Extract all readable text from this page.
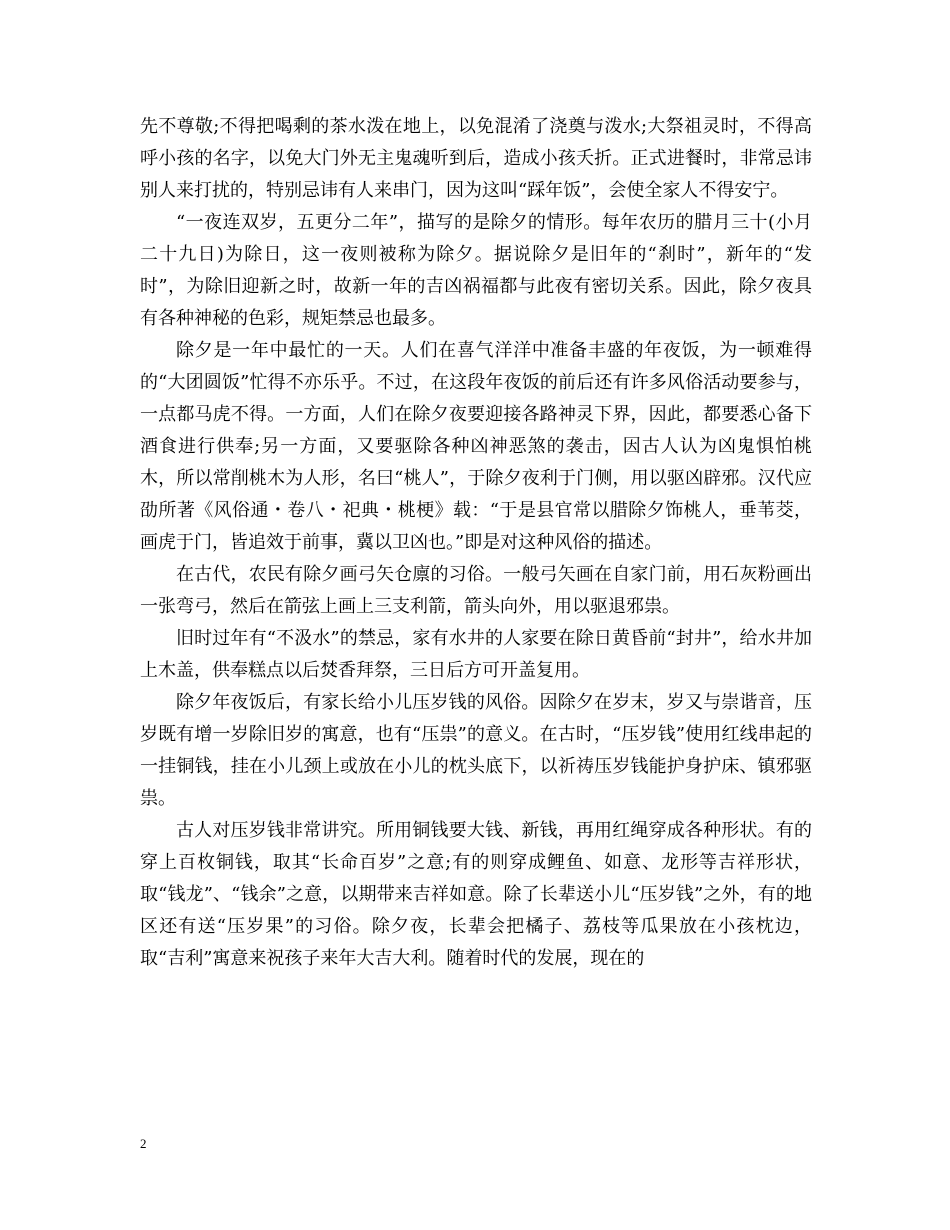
先不尊敬;不得把喝剩的茶水泼在地上，以免混淆了浇奠与泼水;大祭祖灵时，不得高呼小孩的名字，以免大门外无主鬼魂听到后，造成小孩夭折。正式进餐时，非常忌讳别人来打扰的，特别忌讳有人来串门，因为这叫“踩年饭”，会使全家人不得安宁。

“一夜连双岁，五更分二年”，描写的是除夕的情形。每年农历的腊月三十(小月二十九日)为除日，这一夜则被称为除夕。据说除夕是旧年的“刹时”，新年的“发时”，为除旧迎新之时，故新一年的吉凶祸福都与此夜有密切关系。因此，除夕夜具有各种神秘的色彩，规矩禁忌也最多。

除夕是一年中最忙的一天。人们在喜气洋洋中准备丰盛的年夜饭，为一顿难得的“大团圆饭”忙得不亦乐乎。不过，在这段年夜饭的前后还有许多风俗活动要参与，一点都马虎不得。一方面，人们在除夕夜要迎接各路神灵下界，因此，都要悉心备下酒食进行供奉;另一方面，又要驱除各种凶神恶煞的袭击，因古人认为凶鬼惧怕桃木，所以常削桃木为人形，名曰“桃人”，于除夕夜利于门侧，用以驱凶辟邪。汉代应劭所著《风俗通・卷八・祀典・桃梗》载：“于是县官常以腊除夕饰桃人，垂苇茭，画虎于门，皆追效于前事，冀以卫凶也。”即是对这种风俗的描述。

在古代，农民有除夕画弓矢仓廪的习俗。一般弓矢画在自家门前，用石灰粉画出一张弯弓，然后在箭弦上画上三支利箭，箭头向外，用以驱退邪祟。

旧时过年有“不汲水”的禁忌，家有水井的人家要在除日黄昏前“封井”，给水井加上木盖，供奉糕点以后焚香拜祭，三日后方可开盖复用。

除夕年夜饭后，有家长给小儿压岁钱的风俗。因除夕在岁末，岁又与崇谐音，压岁既有增一岁除旧岁的寓意，也有“压祟”的意义。在古时，“压岁钱”使用红线串起的一挂铜钱，挂在小儿颈上或放在小儿的枕头底下，以祈祷压岁钱能护身护床、镇邪驱祟。

古人对压岁钱非常讲究。所用铜钱要大钱、新钱，再用红绳穿成各种形状。有的穿上百枚铜钱，取其“长命百岁”之意;有的则穿成鲤鱼、如意、龙形等吉祥形状，取“钱龙”、“钱余”之意，以期带来吉祥如意。除了长辈送小儿“压岁钱”之外，有的地区还有送“压岁果”的习俗。除夕夜，长辈会把橘子、荔枝等瓜果放在小孩枕边，取“吉利”寓意来祝孩子来年大吉大利。随着时代的发展，现在的

2
